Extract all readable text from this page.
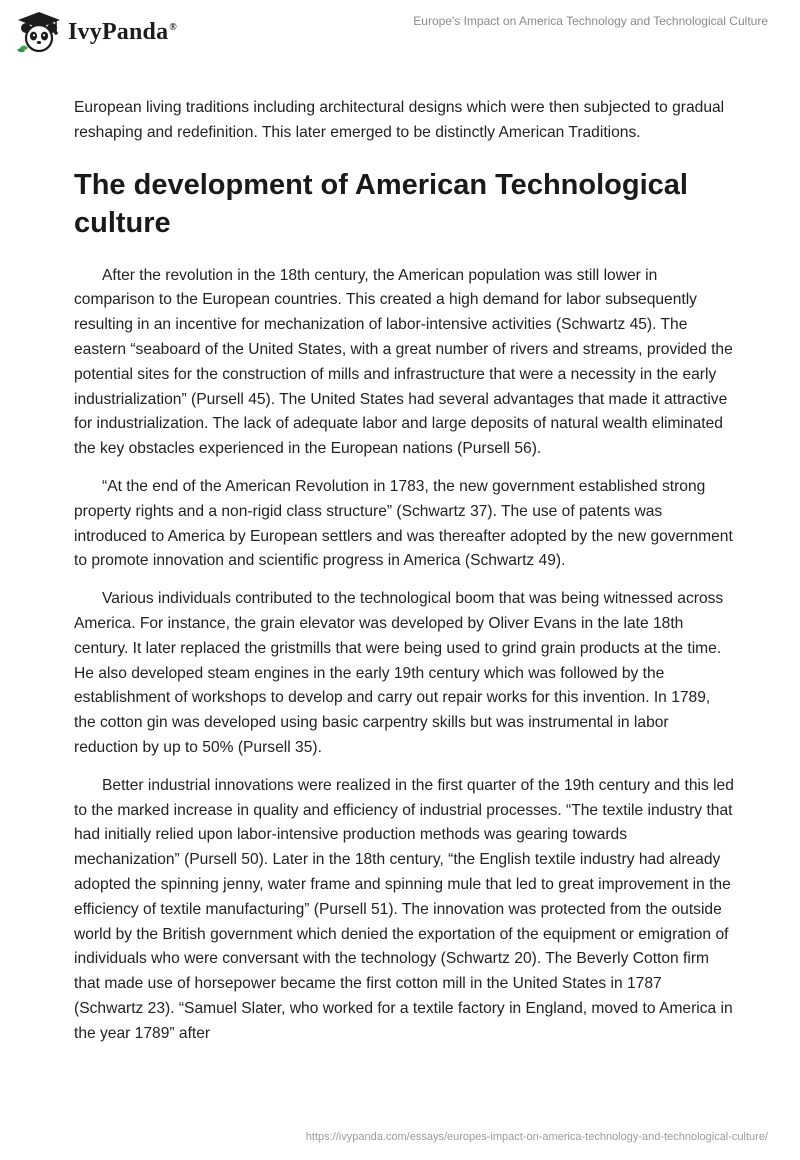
IvyPanda®	Europe's Impact on America Technology and Technological Culture

European living traditions including architectural designs which were then subjected to gradual reshaping and redefinition. This later emerged to be distinctly American Traditions.

The development of American Technological culture

After the revolution in the 18th century, the American population was still lower in comparison to the European countries. This created a high demand for labor subsequently resulting in an incentive for mechanization of labor-intensive activities (Schwartz 45). The eastern “seaboard of the United States, with a great number of rivers and streams, provided the potential sites for the construction of mills and infrastructure that were a necessity in the early industrialization” (Pursell 45). The United States had several advantages that made it attractive for industrialization. The lack of adequate labor and large deposits of natural wealth eliminated the key obstacles experienced in the European nations (Pursell 56).

“At the end of the American Revolution in 1783, the new government established strong property rights and a non-rigid class structure” (Schwartz 37). The use of patents was introduced to America by European settlers and was thereafter adopted by the new government to promote innovation and scientific progress in America (Schwartz 49).

Various individuals contributed to the technological boom that was being witnessed across America. For instance, the grain elevator was developed by Oliver Evans in the late 18th century. It later replaced the gristmills that were being used to grind grain products at the time. He also developed steam engines in the early 19th century which was followed by the establishment of workshops to develop and carry out repair works for this invention. In 1789, the cotton gin was developed using basic carpentry skills but was instrumental in labor reduction by up to 50% (Pursell 35).

Better industrial innovations were realized in the first quarter of the 19th century and this led to the marked increase in quality and efficiency of industrial processes. “The textile industry that had initially relied upon labor-intensive production methods was gearing towards mechanization” (Pursell 50). Later in the 18th century, “the English textile industry had already adopted the spinning jenny, water frame and spinning mule that led to great improvement in the efficiency of textile manufacturing” (Pursell 51). The innovation was protected from the outside world by the British government which denied the exportation of the equipment or emigration of individuals who were conversant with the technology (Schwartz 20). The Beverly Cotton firm that made use of horsepower became the first cotton mill in the United States in 1787 (Schwartz 23). “Samuel Slater, who worked for a textile factory in England, moved to America in the year 1789” after

https://ivypanda.com/essays/europes-impact-on-america-technology-and-technological-culture/
